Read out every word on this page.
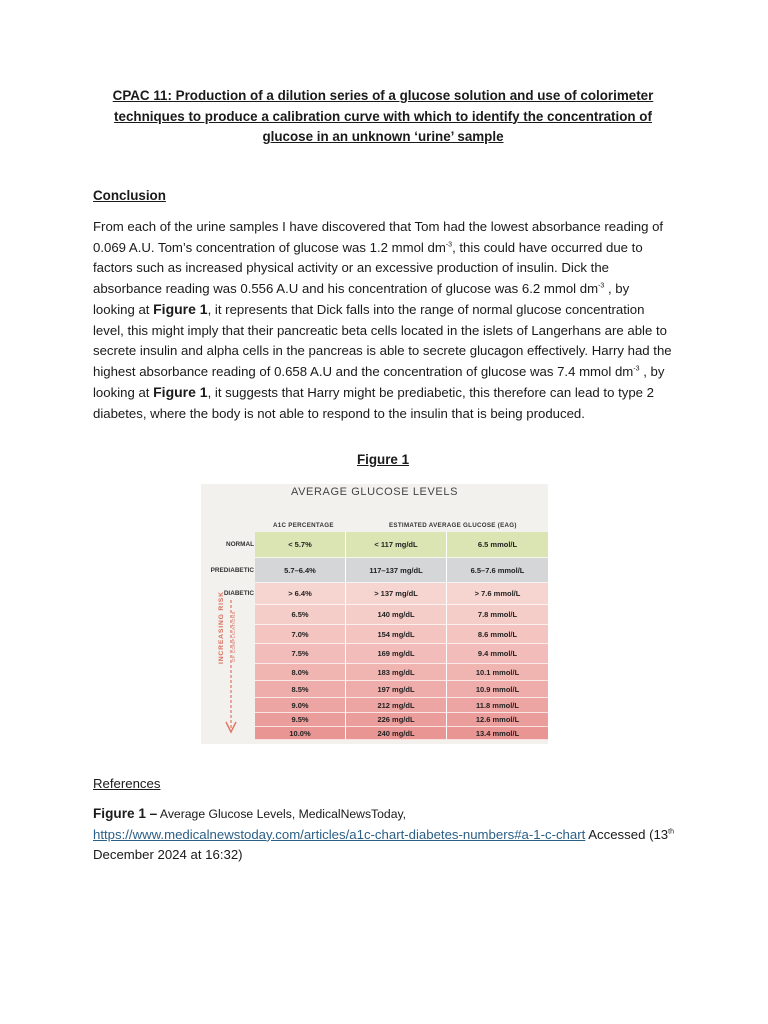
CPAC 11: Production of a dilution series of a glucose solution and use of colorimeter techniques to produce a calibration curve with which to identify the concentration of glucose in an unknown ‘urine’ sample

Conclusion

From each of the urine samples I have discovered that Tom had the lowest absorbance reading of 0.069 A.U. Tom’s concentration of glucose was 1.2 mmol $dm^{-3}$, this could have occurred due to factors such as increased physical activity or an excessive production of insulin. Dick the absorbance reading was 0.556 A.U and his concentration of glucose was 6.2 mmol $dm^{-3}$ , by looking at Figure 1, it represents that Dick falls into the range of normal glucose concentration level, this might imply that their pancreatic beta cells located in the islets of Langerhans are able to secrete insulin and alpha cells in the pancreas is able to secrete glucagon effectively. Harry had the highest absorbance reading of 0.658 A.U and the concentration of glucose was 7.4 mmol $dm^{-3}$ , by looking at Figure 1, it suggests that Harry might be prediabetic, this therefore can lead to type 2 diabetes, where the body is not able to respond to the insulin that is being produced.

Figure 1

AVERAGE GLUCOSE LEVELS
A1C PERCENTAGE	ESTIMATED AVERAGE GLUCOSE (EAG)
NORMAL	< 5.7%	< 117 mg/dL	6.5 mmol/L
PREDIABETIC	5.7–6.4%	117–137 mg/dL	6.5–7.6 mmol/L
DIABETIC	> 6.4%	> 137 mg/dL	> 7.6 mmol/L
6.5%	140 mg/dL	7.8 mmol/L
7.0%	154 mg/dL	8.6 mmol/L
7.5%	169 mg/dL	9.4 mmol/L
8.0%	183 mg/dL	10.1 mmol/L
8.5%	197 mg/dL	10.9 mmol/L
9.0%	212 mg/dL	11.8 mmol/L
9.5%	226 mg/dL	12.6 mmol/L
10.0%	240 mg/dL	13.4 mmol/L
INCREASING RISK OF COMPLICATIONS

References

Figure 1 – Average Glucose Levels, MedicalNewsToday,
https://www.medicalnewstoday.com/articles/a1c-chart-diabetes-numbers#a-1-c-chart Accessed (13th December 2024 at 16:32)
